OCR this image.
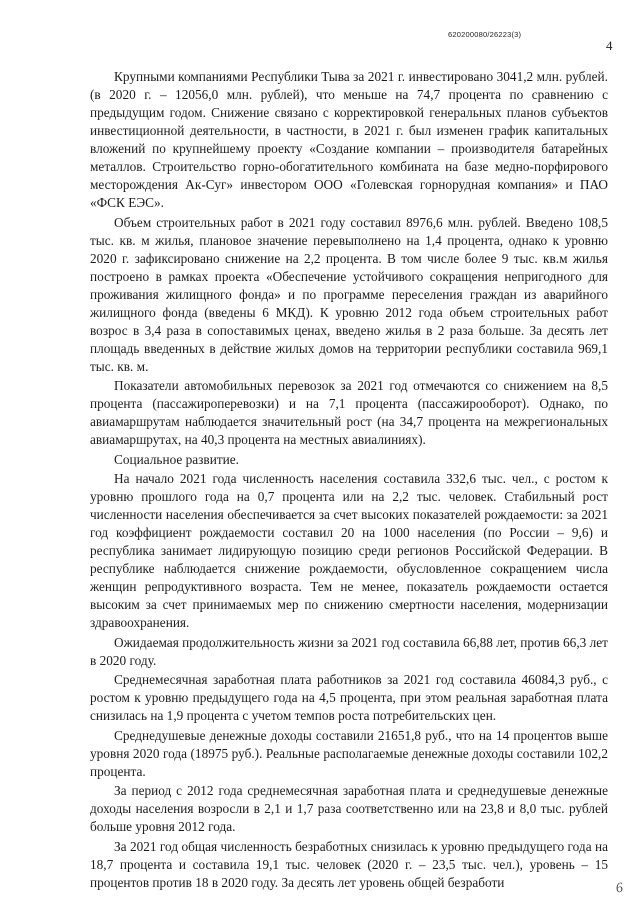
620200080/26223(3)
4

Крупными компаниями Республики Тыва за 2021 г. инвестировано 3041,2 млн. рублей. (в 2020 г. – 12056,0 млн. рублей), что меньше на 74,7 процента по сравнению с предыдущим годом. Снижение связано с корректировкой генеральных планов субъектов инвестиционной деятельности, в частности, в 2021 г. был изменен график капитальных вложений по крупнейшему проекту «Создание компании – производителя батарейных металлов. Строительство горно-обогатительного комбината на базе медно-порфирового месторождения Ак-Суг» инвестором ООО «Голевская горнорудная компания» и ПАО «ФСК ЕЭС».

Объем строительных работ в 2021 году составил 8976,6 млн. рублей. Введено 108,5 тыс. кв. м жилья, плановое значение перевыполнено на 1,4 процента, однако к уровню 2020 г. зафиксировано снижение на 2,2 процента. В том числе более 9 тыс. кв.м жилья построено в рамках проекта «Обеспечение устойчивого сокращения непригодного для проживания жилищного фонда» и по программе переселения граждан из аварийного жилищного фонда (введены 6 МКД). К уровню 2012 года объем строительных работ возрос в 3,4 раза в сопоставимых ценах, введено жилья в 2 раза больше. За десять лет площадь введенных в действие жилых домов на территории республики составила 969,1 тыс. кв. м.

Показатели автомобильных перевозок за 2021 год отмечаются со снижением на 8,5 процента (пассажироперевозки) и на 7,1 процента (пассажирооборот). Однако, по авиамаршрутам наблюдается значительный рост (на 34,7 процента на межрегиональных авиамаршрутах, на 40,3 процента на местных авиалиниях).

Социальное развитие.

На начало 2021 года численность населения составила 332,6 тыс. чел., с ростом к уровню прошлого года на 0,7 процента или на 2,2 тыс. человек. Стабильный рост численности населения обеспечивается за счет высоких показателей рождаемости: за 2021 год коэффициент рождаемости составил 20 на 1000 населения (по России – 9,6) и республика занимает лидирующую позицию среди регионов Российской Федерации. В республике наблюдается снижение рождаемости, обусловленное сокращением числа женщин репродуктивного возраста. Тем не менее, показатель рождаемости остается высоким за счет принимаемых мер по снижению смертности населения, модернизации здравоохранения.

Ожидаемая продолжительность жизни за 2021 год составила 66,88 лет, против 66,3 лет в 2020 году.

Среднемесячная заработная плата работников за 2021 год составила 46084,3 руб., с ростом к уровню предыдущего года на 4,5 процента, при этом реальная заработная плата снизилась на 1,9 процента с учетом темпов роста потребительских цен.

Среднедушевые денежные доходы составили 21651,8 руб., что на 14 процентов выше уровня 2020 года (18975 руб.). Реальные располагаемые денежные доходы составили 102,2 процента.

За период с 2012 года среднемесячная заработная плата и среднедушевые денежные доходы населения возросли в 2,1 и 1,7 раза соответственно или на 23,8 и 8,0 тыс. рублей больше уровня 2012 года.

За 2021 год общая численность безработных снизилась к уровню предыдущего года на 18,7 процента и составила 19,1 тыс. человек (2020 г. – 23,5 тыс. чел.), уровень – 15 процентов против 18 в 2020 году. За десять лет уровень общей безработи	6
